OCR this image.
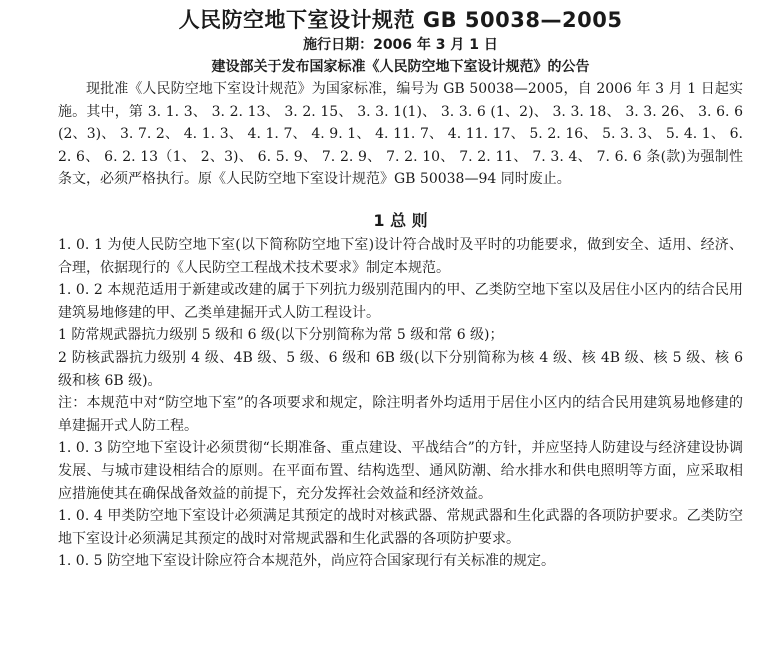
人民防空地下室设计规范 GB 50038—2005

施行日期：2006 年 3 月 1 日

建设部关于发布国家标准《人民防空地下室设计规范》的公告

现批准《人民防空地下室设计规范》为国家标准，编号为 GB 50038—2005，自 2006 年 3 月 1 日起实施。其中，第 3. 1. 3、 3. 2. 13、 3. 2. 15、 3. 3. 1(1)、 3. 3. 6 (1、2)、 3. 3. 18、 3. 3. 26、 3. 6. 6 (2、3)、 3. 7. 2、 4. 1. 3、 4. 1. 7、 4. 9. 1、 4. 11. 7、 4. 11. 17、 5. 2. 16、 5. 3. 3、 5. 4. 1、 6. 2. 6、 6. 2. 13（1、 2、3)、 6. 5. 9、 7. 2. 9、 7. 2. 10、 7. 2. 11、 7. 3. 4、 7. 6. 6 条(款)为强制性条文，必须严格执行。原《人民防空地下室设计规范》GB 50038—94 同时废止。

1 总 则

1. 0. 1 为使人民防空地下室(以下简称防空地下室)设计符合战时及平时的功能要求，做到安全、适用、经济、合理，依据现行的《人民防空工程战术技术要求》制定本规范。

1. 0. 2 本规范适用于新建或改建的属于下列抗力级别范围内的甲、乙类防空地下室以及居住小区内的结合民用建筑易地修建的甲、乙类单建掘开式人防工程设计。

1 防常规武器抗力级别 5 级和 6 级(以下分别简称为常 5 级和常 6 级)；

2 防核武器抗力级别 4 级、4B 级、5 级、6 级和 6B 级(以下分别简称为核 4 级、核 4B 级、核 5 级、核 6 级和核 6B 级)。

注：本规范中对“防空地下室”的各项要求和规定，除注明者外均适用于居住小区内的结合民用建筑易地修建的单建掘开式人防工程。

1. 0. 3 防空地下室设计必须贯彻“长期准备、重点建设、平战结合”的方针，并应坚持人防建设与经济建设协调发展、与城市建设相结合的原则。在平面布置、结构选型、通风防潮、给水排水和供电照明等方面，应采取相应措施使其在确保战备效益的前提下，充分发挥社会效益和经济效益。

1. 0. 4 甲类防空地下室设计必须满足其预定的战时对核武器、常规武器和生化武器的各项防护要求。乙类防空地下室设计必须满足其预定的战时对常规武器和生化武器的各项防护要求。

1. 0. 5 防空地下室设计除应符合本规范外，尚应符合国家现行有关标准的规定。
